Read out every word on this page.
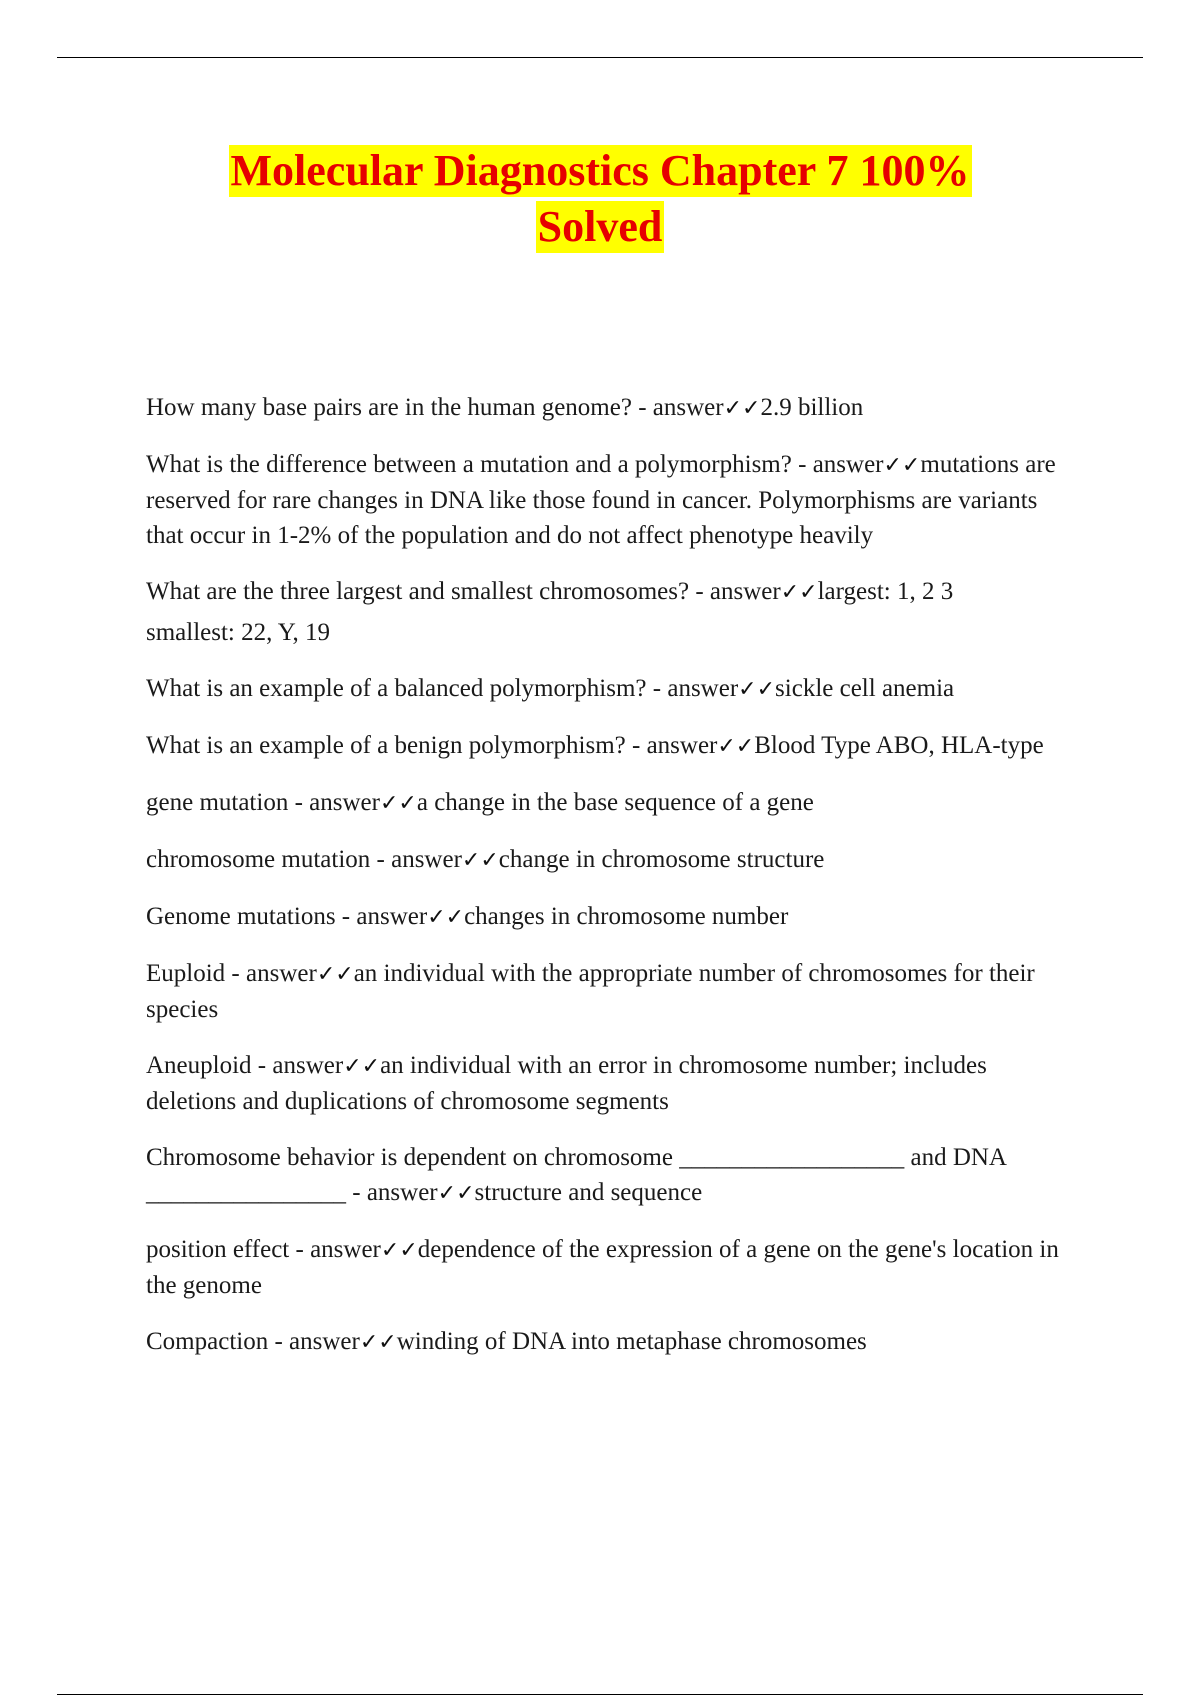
Molecular Diagnostics Chapter 7 100%
Solved

How many base pairs are in the human genome? - answer✓✓2.9 billion

What is the difference between a mutation and a polymorphism? - answer✓✓mutations are reserved for rare changes in DNA like those found in cancer. Polymorphisms are variants that occur in 1-2% of the population and do not affect phenotype heavily

What are the three largest and smallest chromosomes? - answer✓✓largest: 1, 2 3

smallest: 22, Y, 19

What is an example of a balanced polymorphism? - answer✓✓sickle cell anemia

What is an example of a benign polymorphism? - answer✓✓Blood Type ABO, HLA-type

gene mutation - answer✓✓a change in the base sequence of a gene

chromosome mutation - answer✓✓change in chromosome structure

Genome mutations - answer✓✓changes in chromosome number

Euploid - answer✓✓an individual with the appropriate number of chromosomes for their species

Aneuploid - answer✓✓an individual with an error in chromosome number; includes deletions and duplications of chromosome segments

Chromosome behavior is dependent on chromosome __________________ and DNA ________________ - answer✓✓structure and sequence

position effect - answer✓✓dependence of the expression of a gene on the gene's location in the genome

Compaction - answer✓✓winding of DNA into metaphase chromosomes
